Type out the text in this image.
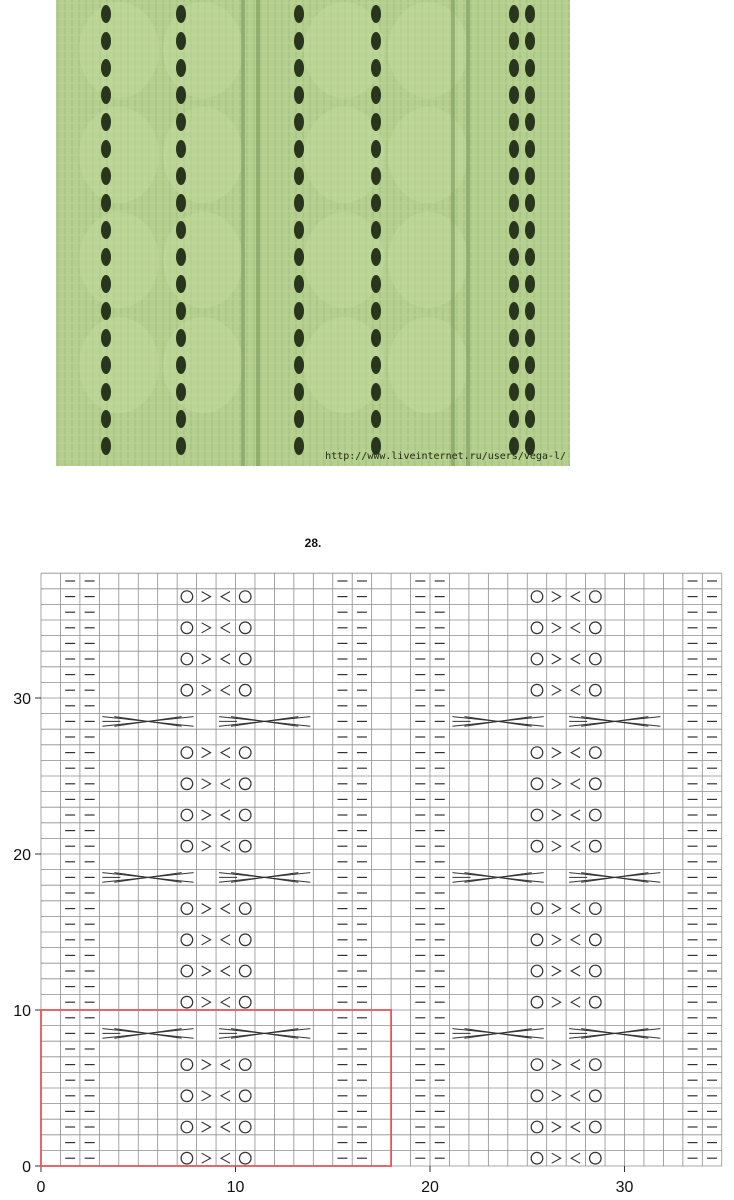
http://www.liveinternet.ru/users/vega-l/
28.
0	10	20	30
0
10
20
30
